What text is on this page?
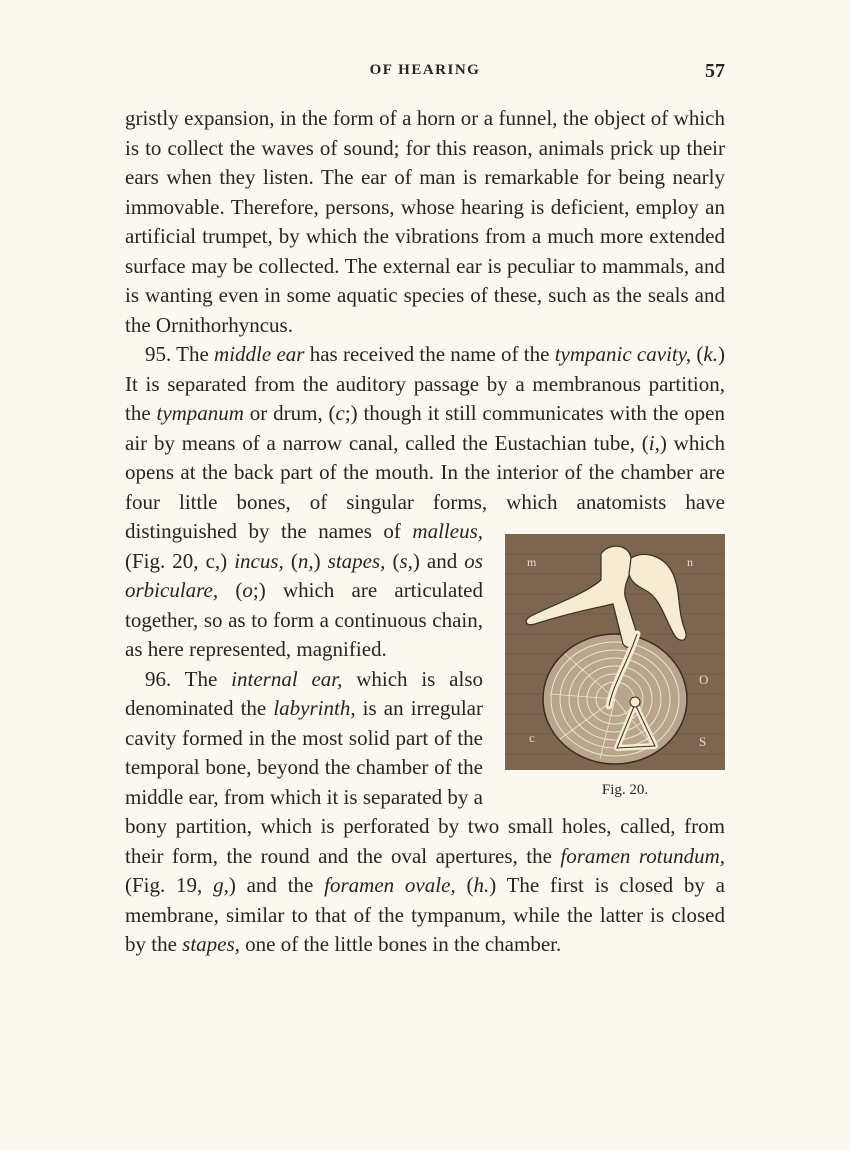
OF HEARING	57

gristly expansion, in the form of a horn or a funnel, the object of which is to collect the waves of sound; for this reason, animals prick up their ears when they listen. The ear of man is remarkable for being nearly immovable. Therefore, persons, whose hearing is deficient, employ an artificial trumpet, by which the vibrations from a much more extended surface may be collected. The external ear is peculiar to mammals, and is wanting even in some aquatic species of these, such as the seals and the Ornithorhyncus.

95. The middle ear has received the name of the tympanic cavity, (k.) It is separated from the auditory passage by a membranous partition, the tympanum or drum, (c;) though it still communicates with the open air by means of a narrow canal, called the Eustachian tube, (i,) which opens at the back part of the mouth. In the interior of the chamber are four little bones, of singular forms, which anatomists have distinguished by the names of
m	n
O
c	S
Fig. 20.
malleus, (Fig. 20, c,) incus, (n,) stapes, (s,) and os orbiculare, (o;) which are articulated together, so as to form a continuous chain, as here represented, magnified.

96. The internal ear, which is also denominated the labyrinth, is an irregular cavity formed in the most solid part of the temporal bone, beyond the chamber of the middle ear, from which it is separated by a bony partition, which is perforated by two small holes, called, from their form, the round and the oval apertures, the foramen rotundum, (Fig. 19, g,) and the foramen ovale, (h.) The first is closed by a membrane, similar to that of the tympanum, while the latter is closed by the stapes, one of the little bones in the chamber.
